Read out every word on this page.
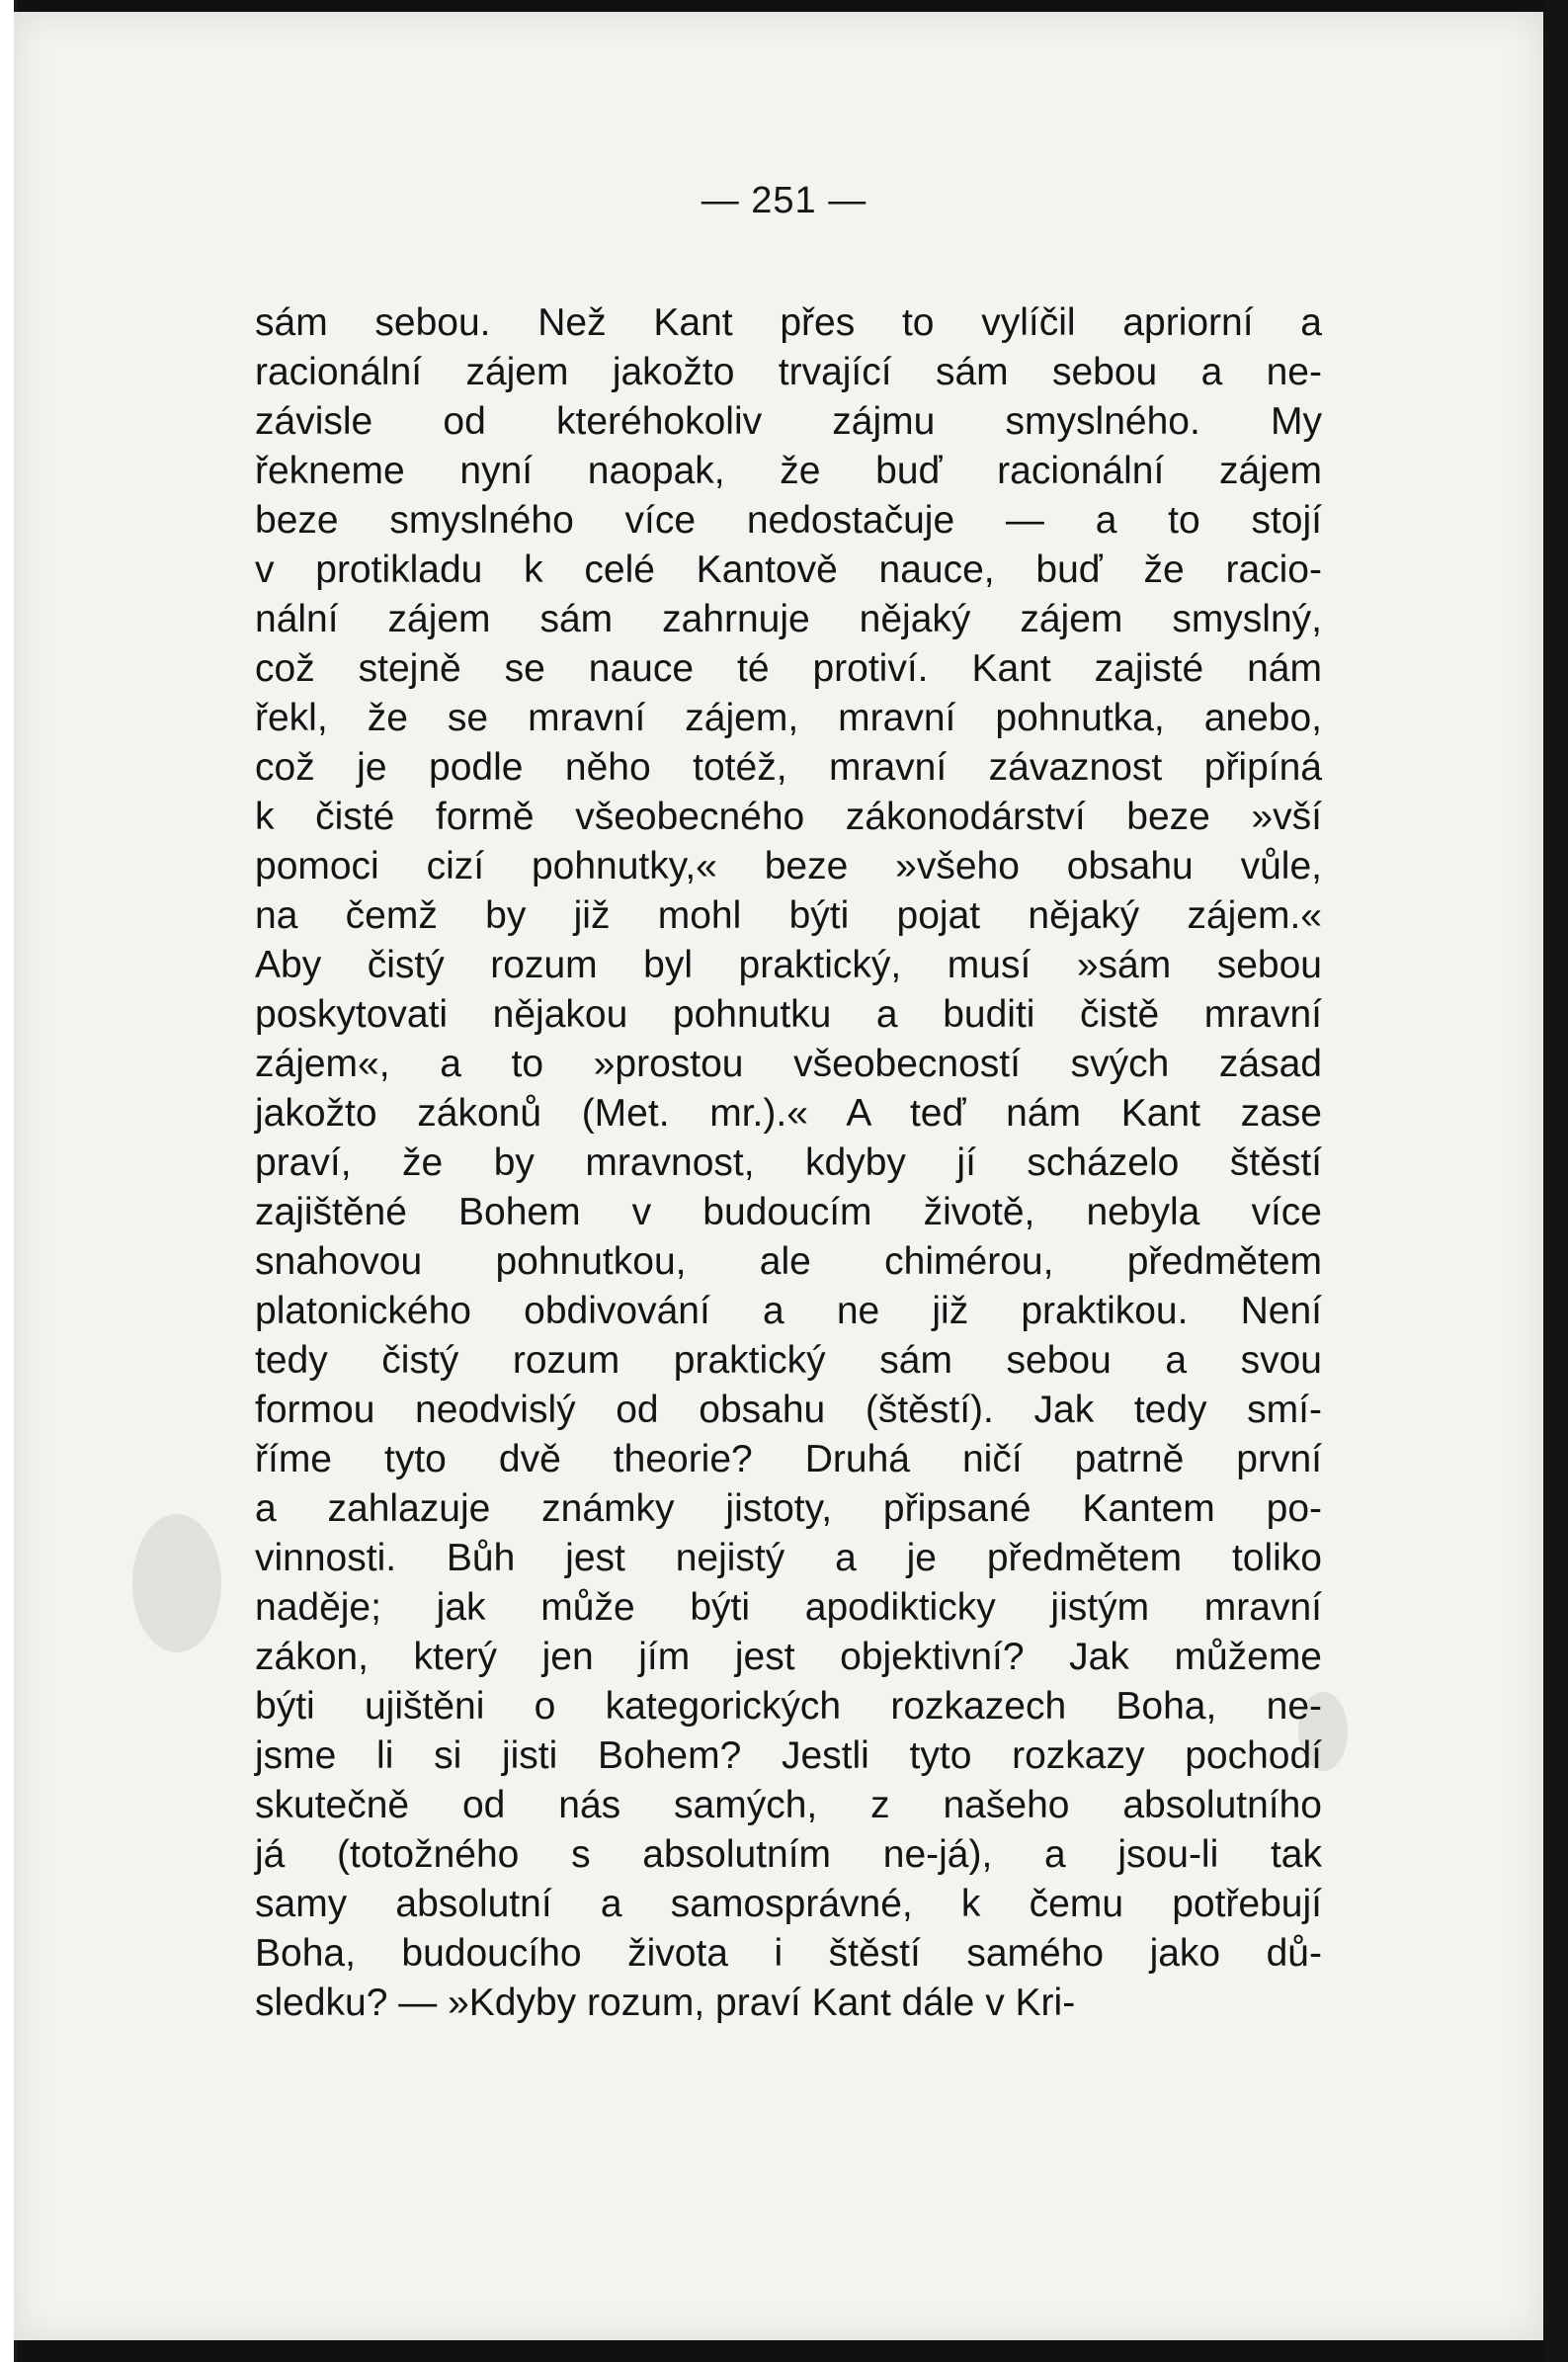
— 251 —
sám sebou. Než Kant přes to vylíčil apriorní a
racionální zájem jakožto trvající sám sebou a ne-
závisle od kteréhokoliv zájmu smyslného. My
řekneme nyní naopak, že buď racionální zájem
beze smyslného více nedostačuje — a to stojí
v protikladu k celé Kantově nauce, buď že racio-
nální zájem sám zahrnuje nějaký zájem smyslný,
což stejně se nauce té protiví. Kant zajisté nám
řekl, že se mravní zájem, mravní pohnutka, anebo,
což je podle něho totéž, mravní závaznost připíná
k čisté formě všeobecného zákonodárství beze »vší
pomoci cizí pohnutky,« beze »všeho obsahu vůle,
na čemž by již mohl býti pojat nějaký zájem.«
Aby čistý rozum byl praktický, musí »sám sebou
poskytovati nějakou pohnutku a buditi čistě mravní
zájem«, a to »prostou všeobecností svých zásad
jakožto zákonů (Met. mr.).« A teď nám Kant zase
praví, že by mravnost, kdyby jí scházelo štěstí
zajištěné Bohem v budoucím životě, nebyla více
snahovou pohnutkou, ale chimérou, předmětem
platonického obdivování a ne již praktikou. Není
tedy čistý rozum praktický sám sebou a svou
formou neodvislý od obsahu (štěstí). Jak tedy smí-
říme tyto dvě theorie? Druhá ničí patrně první
a zahlazuje známky jistoty, připsané Kantem po-
vinnosti. Bůh jest nejistý a je předmětem toliko
naděje; jak může býti apodikticky jistým mravní
zákon, který jen jím jest objektivní? Jak můžeme
býti ujištěni o kategorických rozkazech Boha, ne-
jsme li si jisti Bohem? Jestli tyto rozkazy pochodí
skutečně od nás samých, z našeho absolutního
já (totožného s absolutním ne-já), a jsou-li tak
samy absolutní a samosprávné, k čemu potřebují
Boha, budoucího života i štěstí samého jako dů-
sledku? — »Kdyby rozum, praví Kant dále v Kri-
